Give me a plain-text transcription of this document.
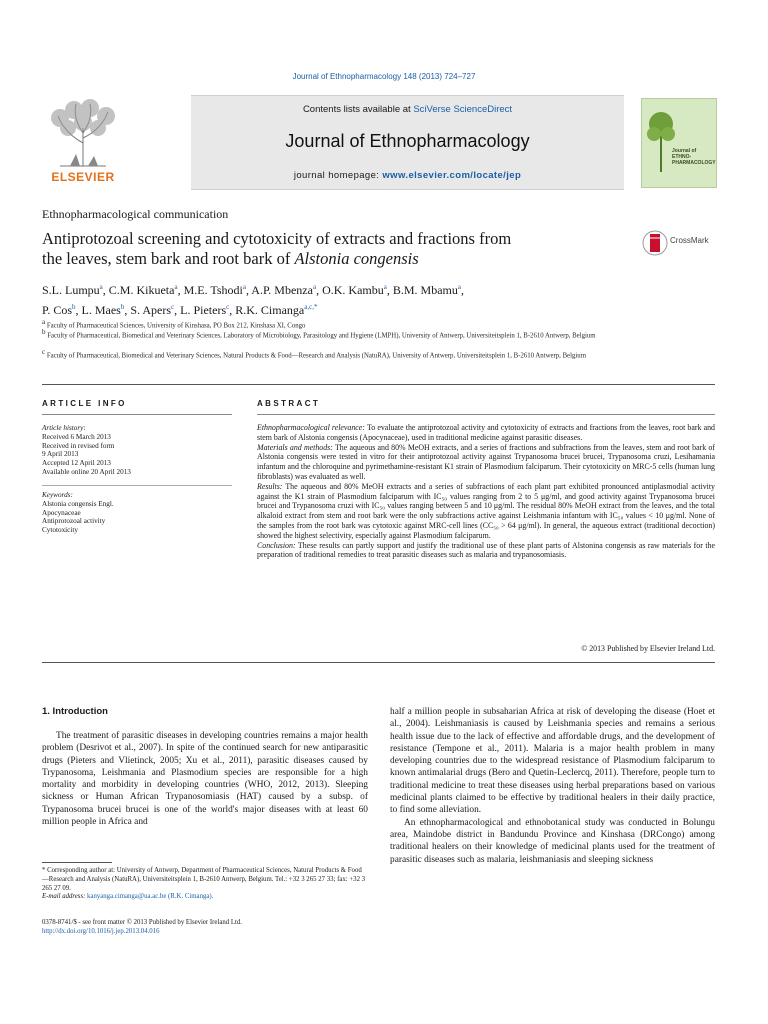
Journal of Ethnopharmacology 148 (2013) 724–727
Contents lists available at SciVerse ScienceDirect
Journal of Ethnopharmacology
journal homepage: www.elsevier.com/locate/jep
ELSEVIER
Journal of
ETHNO-
PHARMACOLOGY
Ethnopharmacological communication
Antiprotozoal screening and cytotoxicity of extracts and fractions from
the leaves, stem bark and root bark of Alstonia congensis
CrossMark
S.L. Lumpu$^a$, C.M. Kikueta$^a$, M.E. Tshodi$^a$, A.P. Mbenza$^a$, O.K. Kambu$^a$, B.M. Mbamu$^a$,
P. Cos$^b$, L. Maes$^b$, S. Apers$^c$, L. Pieters$^c$, R.K. Cimanga$^{a,c,*}$
$^a$ Faculty of Pharmaceutical Sciences, University of Kinshasa, PO Box 212, Kinshasa XI, Congo
$^b$ Faculty of Pharmaceutical, Biomedical and Veterinary Sciences, Laboratory of Microbiology, Parasitology and Hygiene (LMPH), University of Antwerp, Universiteitsplein 1, B-2610 Antwerp, Belgium
$^c$ Faculty of Pharmaceutical, Biomedical and Veterinary Sciences, Natural Products & Food—Research and Analysis (NatuRA), University of Antwerp, Universiteitsplein 1, B-2610 Antwerp, Belgium
ARTICLE INFO	ABSTRACT
Article history:
Received 6 March 2013
Received in revised form
9 April 2013
Accepted 12 April 2013
Available online 20 April 2013
Keywords:
Alstonia congensis Engl.
Apocynaceae
Antiprotozoal activity
Cytotoxicity

Ethnopharmacological relevance: To evaluate the antiprotozoal activity and cytotoxicity of extracts and fractions from the leaves, root bark and stem bark of Alstonia congensis (Apocynaceae), used in traditional medicine against parasitic diseases.

Materials and methods: The aqueous and 80% MeOH extracts, and a series of fractions and subfractions from the leaves, stem and root bark of Alstonia congensis were tested in vitro for their antiprotozoal activity against Trypanosoma brucei brucei, Trypanosoma cruzi, Lesihamania infantum and the chloroquine and pyrimethamine-resistant K1 strain of Plasmodium falciparum. Their cytotoxicity on MRC-5 cells (human lung fibroblasts) was evaluated as well.

Results: The aqueous and 80% MeOH extracts and a series of subfractions of each plant part exhibited pronounced antiplasmodial activity against the K1 strain of Plasmodium falciparum with IC₅₀ values ranging from 2 to 5 μg/ml, and good activity against Trypanosoma brucei brucei and Trypanosoma cruzi with IC₅₀ values ranging between 5 and 10 μg/ml. The residual 80% MeOH extract from the leaves, and the total alkaloid extract from stem and root bark were the only subfractions active against Leishmania infantum with IC₅₀ values < 10 μg/ml. None of the samples from the root bark was cytotoxic against MRC-cell lines (CC₅₀ > 64 μg/ml). In general, the aqueous extract (traditional decoction) showed the highest selectivity, especially against Plasmodium falciparum.

Conclusion: These results can partly support and justify the traditional use of these plant parts of Alstonina congensis as raw materials for the preparation of traditional remedies to treat parasitic diseases such as malaria and trypanosomiasis.

© 2013 Published by Elsevier Ireland Ltd.
1. Introduction

The treatment of parasitic diseases in developing countries remains a major health problem (Desrivot et al., 2007). In spite of the continued search for new antiparasitic drugs (Pieters and Vlietinck, 2005; Xu et al., 2011), parasitic diseases caused by Trypanosoma, Leishmania and Plasmodium species are responsible for a high mortality and morbidity in developing countries (WHO, 2012, 2013). Sleeping sickness or Human African Trypanosomiasis (HAT) caused by a subsp. of Trypanosoma brucei brucei is one of the world's major diseases with at least 60 million people in Africa and

half a million people in subsaharian Africa at risk of developing the disease (Hoet et al., 2004). Leishmaniasis is caused by Leishmania species and remains a serious health issue due to the lack of effective and affordable drugs, and the development of resistance (Tempone et al., 2011). Malaria is a major health problem in many developing countries due to the widespread resistance of Plasmodium falciparum to known antimalarial drugs (Bero and Quetin-Leclercq, 2011). Therefore, people turn to traditional medicine to treat these diseases using herbal preparations based on various medicinal plants claimed to be effective by traditional healers in their daily practice, to find some alleviation.

An ethnopharmacological and ethnobotanical study was conducted in Bolungu area, Maindobe district in Bandundu Province and Kinshasa (DRCongo) among traditional healers on their knowledge of medicinal plants used for the treatment of parasitic diseases such as malaria, leishmaniasis and sleeping sickness

* Corresponding author at: University of Antwerp, Department of Pharmaceutical Sciences, Natural Products & Food—Research and Analysis (NatuRA), Universiteitsplein 1, B-2610 Antwerp, Belgium. Tel.: +32 3 265 27 33; fax: +32 3 265 27 09.
E-mail address: kanyanga.cimanga@ua.ac.be (R.K. Cimanga).
0378-8741/$ - see front matter © 2013 Published by Elsevier Ireland Ltd.
http://dx.doi.org/10.1016/j.jep.2013.04.016
